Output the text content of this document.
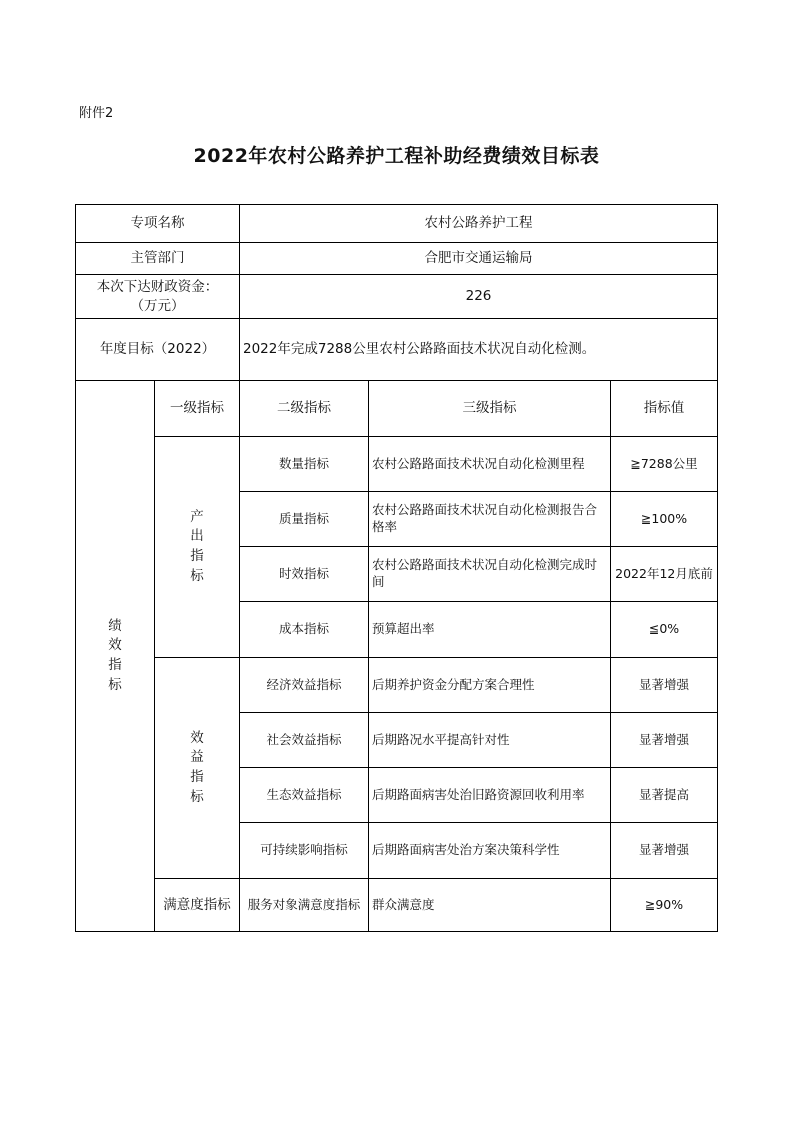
附件2
2022年农村公路养护工程补助经费绩效目标表
专项名称		农村公路养护工程		
主管部门		合肥市交通运输局		
本次下达财政资金：
（万元）		226		
年度目标（2022）		2022年完成7288公里农村公路路面技术状况自动化检测。		
绩效指标	一级指标	二级指标	三级指标	指标值
	产出指标	数量指标	农村公路路面技术状况自动化检测里程	≧7288公里
		质量指标	农村公路路面技术状况自动化检测报告合格率	≧100%
		时效指标	农村公路路面技术状况自动化检测完成时间	2022年12月底前
		成本指标	预算超出率	≦0%
	效益指标	经济效益指标	后期养护资金分配方案合理性	显著增强
		社会效益指标	后期路况水平提高针对性	显著增强
		生态效益指标	后期路面病害处治旧路资源回收利用率	显著提高
		可持续影响指标	后期路面病害处治方案决策科学性	显著增强
	满意度指标	服务对象满意度指标	群众满意度	≧90%
